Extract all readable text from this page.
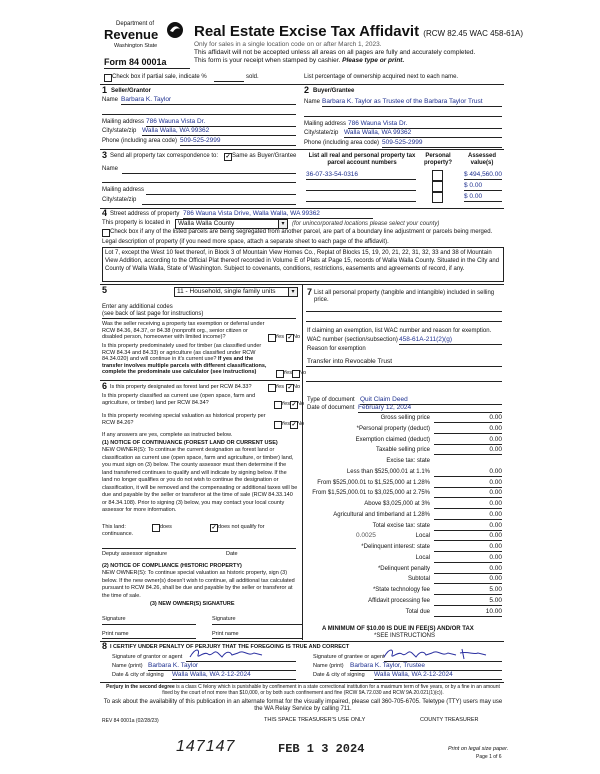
Department of
Revenue
Washington State
Form 84 0001a
Real Estate Excise Tax Affidavit (RCW 82.45 WAC 458-61A)
Only for sales in a single location code on or after March 1, 2023.
This affidavit will not be accepted unless all areas on all pages are fully and accurately completed.
This form is your receipt when stamped by cashier. Please type or print.
Check box if partial sale, indicate %	sold.	List percentage of ownership acquired next to each name.
1 Seller/Grantor
Name Barbara K. Taylor
Mailing address 786 Wauna Vista Dr.
City/state/zip Walla Walla, WA 99362
Phone (including area code) 509-525-2999
2 Buyer/Grantee
Name Barbara K. Taylor as Trustee of the Barbara Taylor Trust
Mailing address 786 Wauna Vista Dr.
City/state/zip Walla Walla, WA 99362
Phone (including area code) 509-525-2999
3 Send all property tax correspondence to: ✓ Same as Buyer/Grantee
Name
Mailing address
City/state/zip
List all real and personal property tax parcel account numbers
Personal property?
Assessed value(s)
36-07-33-54-0316	$ 494,560.00
$ 0.00
$ 0.00
4 Street address of property 786 Wauna Vista Drive, Walla Walla, WA 99362
This property is located in	Walla Walla County	▾	(for unincorporated locations please select your county)
Check box if any of the listed parcels are being segregated from another parcel, are part of a boundary line adjustment or parcels being merged.
Legal description of property (if you need more space, attach a separate sheet to each page of the affidavit).
Lot 7, except the West 10 feet thereof, in Block 3 of Mountain View Homes Co., Replat of Blocks 15, 19, 20, 21, 22, 31, 32, 33 and 38 of Mountain View Addition, according to the Official Plat thereof recorded in Volume E of Plats at Page 15, records of Walla Walla County. Situated in the City and County of Walla Walla, State of Washington. Subject to covenants, conditions, restrictions, easements and agreements of record, if any.
5	11 - Household, single family units	▾
Enter any additional codes
(see back of last page for instructions)
Was the seller receiving a property tax exemption or deferral under RCW 84.36, 84.37, or 84.38 (nonprofit org., senior citizen or disabled person, homeowner with limited income)?	Yes ✓ No
Is this property predominately used for timber (as classified under RCW 84.34 and 84.33) or agriculture (as classified under RCW 84.34.020) and will continue in it's current use? If yes and the transfer involves multiple parcels with different classifications, complete the predominate use calculator (see instructions)	Yes No
6 Is this property designated as forest land per RCW 84.33?	Yes ✓ No
Is this property classified as current use (open space, farm and agriculture, or timber) land per RCW 84.34?	Yes ✓ No
Is this property receiving special valuation as historical property per RCW 84.26?	Yes ✓ No
If any answers are yes, complete as instructed below.
(1) NOTICE OF CONTINUANCE (FOREST LAND OR CURRENT USE)
NEW OWNER(S): To continue the current designation as forest land or classification as current use (open space, farm and agriculture, or timber) land, you must sign on (3) below. The county assessor must then determine if the land transferred continues to qualify and will indicate by signing below. If the land no longer qualifies or you do not wish to continue the designation or classification, it will be removed and the compensating or additional taxes will be due and payable by the seller or transferor at the time of sale (RCW 84.33.140 or 84.34.108). Prior to signing (3) below, you may contact your local county assessor for more information.
This land:	does	✓ does not qualify for
continuance.
Deputy assessor signature	Date
(2) NOTICE OF COMPLIANCE (HISTORIC PROPERTY)
NEW OWNER(S): To continue special valuation as historic property, sign (3) below. If the new owner(s) doesn't wish to continue, all additional tax calculated pursuant to RCW 84.26, shall be due and payable by the seller or transferor at the time of sale.
(3) NEW OWNER(S) SIGNATURE
Signature	Signature
Print name	Print name
7 List all personal property (tangible and intangible) included in selling price.
If claiming an exemption, list WAC number and reason for exemption.
WAC number (section/subsection) 458-61A-211(2)(g)
Reason for exemption
Transfer into Revocable Trust
Type of document Quit Claim Deed
Date of document February 12, 2024
Gross selling price	0.00
*Personal property (deduct)	0.00
Exemption claimed (deduct)	0.00
Taxable selling price	0.00
Excise tax: state
Less than $525,000.01 at 1.1%	0.00
From $525,000.01 to $1,525,000 at 1.28%	0.00
From $1,525,000.01 to $3,025,000 at 2.75%	0.00
Above $3,025,000 at 3%	0.00
Agricultural and timberland at 1.28%	0.00
Total excise tax: state	0.00
Local
0.0025	0.00
*Delinquent interest: state	0.00
Local	0.00
*Delinquent penalty	0.00
Subtotal	0.00
*State technology fee	5.00
Affidavit processing fee	5.00
Total due	10.00
A MINIMUM OF $10.00 IS DUE IN FEE(S) AND/OR TAX
*SEE INSTRUCTIONS
8 I CERTIFY UNDER PENALTY OF PERJURY THAT THE FOREGOING IS TRUE AND CORRECT
Signature of grantor or agent
Name (print) Barbara K. Taylor
Date & city of signing Walla Walla, WA 2-12-2024
Signature of grantee or agent
Name (print) Barbara K. Taylor, Trustee
Date & city of signing Walla Walla, WA 2-12-2024
Perjury in the second degree is a class C felony which is punishable by confinement in a state correctional institution for a maximum term of five years, or by a fine in an amount fixed by the court of not more than $10,000, or by both such confinement and fine (RCW 9A.72.030 and RCW 9A.20.021(1)(c)).
To ask about the availability of this publication in an alternate format for the visually impaired, please call 360-705-6705. Teletype (TTY) users may use the WA Relay Service by calling 711.
REV 84 0001a (02/28/23)	THIS SPACE TREASURER'S USE ONLY	COUNTY TREASURER
147147	FEB 1 3 2024	Print on legal size paper.
Page 1 of 6
